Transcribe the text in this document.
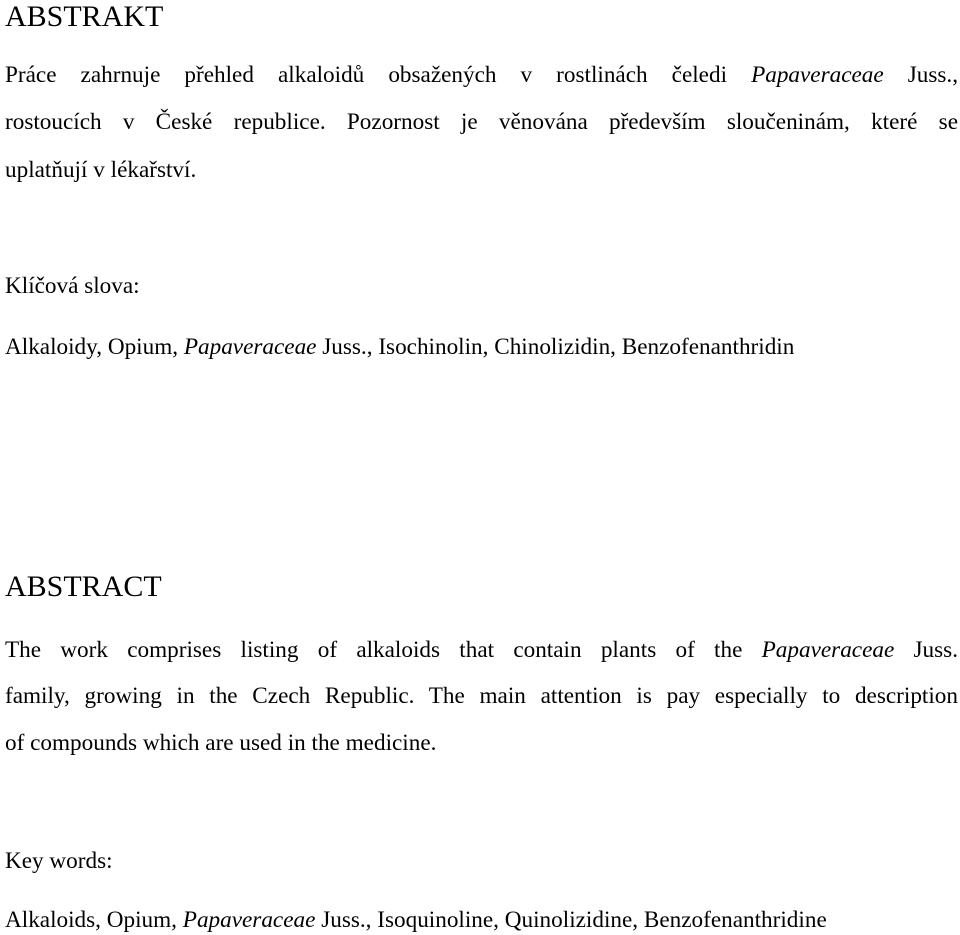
ABSTRAKT
Práce zahrnuje přehled alkaloidů obsažených v rostlinách čeledi Papaveraceae Juss.,
rostoucích v České republice. Pozornost je věnována především sloučeninám, které se
uplatňují v lékařství.
Klíčová slova:
Alkaloidy, Opium, Papaveraceae Juss., Isochinolin, Chinolizidin, Benzofenanthridin
ABSTRACT
The work comprises listing of alkaloids that contain plants of the Papaveraceae Juss.
family, growing in the Czech Republic. The main attention is pay especially to description
of compounds which are used in the medicine.
Key words:
Alkaloids, Opium, Papaveraceae Juss., Isoquinoline, Quinolizidine, Benzofenanthridine
